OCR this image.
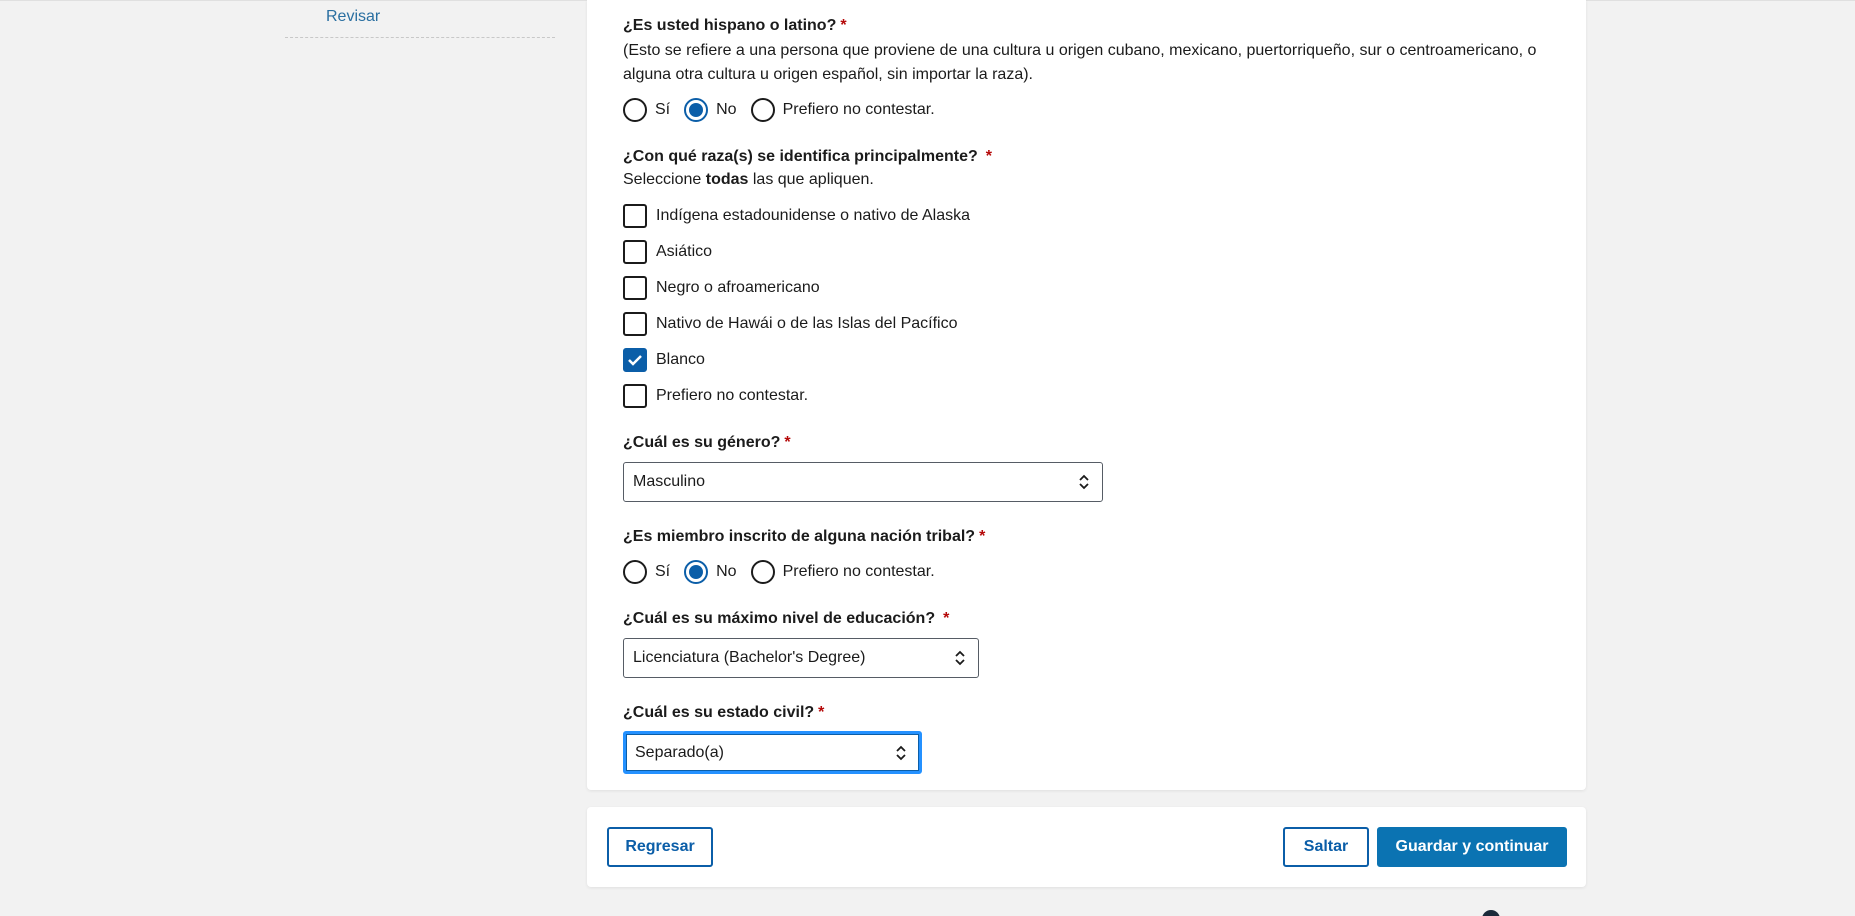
Revisar
¿Es usted hispano o latino? *
(Esto se refiere a una persona que proviene de una cultura u origen cubano, mexicano, puertorriqueño, sur o centroamericano, o alguna otra cultura u origen español, sin importar la raza).
Sí	No	Prefiero no contestar.
¿Con qué raza(s) se identifica principalmente? *
Seleccione todas las que apliquen.
Indígena estadounidense o nativo de Alaska
Asiático
Negro o afroamericano
Nativo de Hawái o de las Islas del Pacífico
Blanco
Prefiero no contestar.
¿Cuál es su género? *
Masculino
¿Es miembro inscrito de alguna nación tribal? *
Sí	No	Prefiero no contestar.
¿Cuál es su máximo nivel de educación? *
Licenciatura (Bachelor's Degree)
¿Cuál es su estado civil? *
Separado(a)
Regresar	Saltar	Guardar y continuar
